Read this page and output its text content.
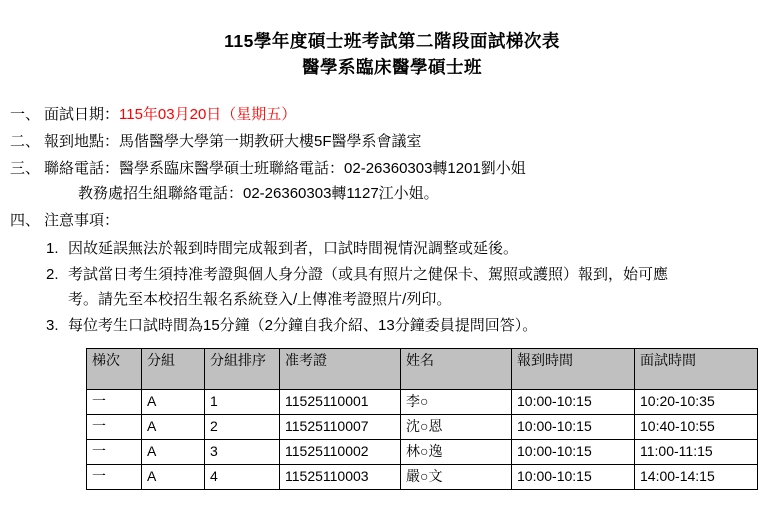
115學年度碩士班考試第二階段面試梯次表
醫學系臨床醫學碩士班
一、 面試日期：115年03月20日（星期五）
二、 報到地點：馬偕醫學大學第一期教研大樓5F醫學系會議室
三、 聯絡電話：醫學系臨床醫學碩士班聯絡電話：02-26360303轉1201劉小姐
教務處招生組聯絡電話：02-26360303轉1127江小姐。
四、 注意事項：
1. 因故延誤無法於報到時間完成報到者，口試時間視情況調整或延後。
2. 考試當日考生須持准考證與個人身分證（或具有照片之健保卡、駕照或護照）報到，始可應考。請先至本校招生報名系統登入/上傳准考證照片/列印。
3. 每位考生口試時間為15分鐘（2分鐘自我介紹、13分鐘委員提問回答）。
梯次	分組	分組排序	准考證	姓名	報到時間	面試時間
一	A	1	11525110001	李○	10:00-10:15	10:20-10:35
一	A	2	11525110007	沈○恩	10:00-10:15	10:40-10:55
一	A	3	11525110002	林○逸	10:00-10:15	11:00-11:15
一	A	4	11525110003	嚴○文	10:00-10:15	14:00-14:15
